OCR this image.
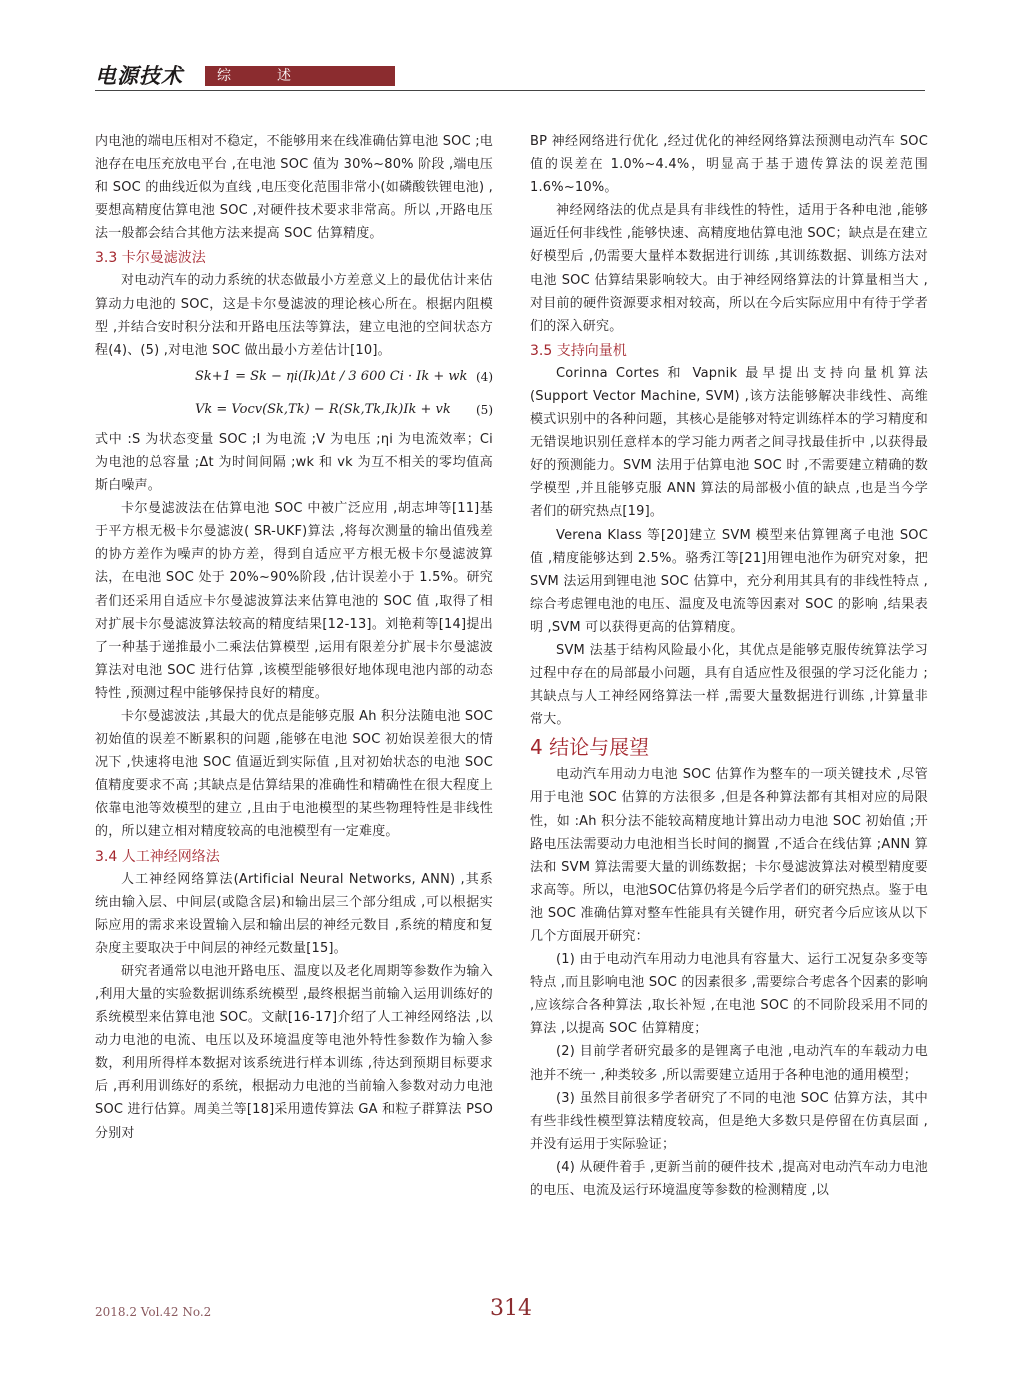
电源技术	综	述

内电池的端电压相对不稳定，不能够用来在线准确估算电池 SOC ;电池存在电压充放电平台 ,在电池 SOC 值为 30%~80% 阶段 ,端电压和 SOC 的曲线近似为直线 ,电压变化范围非常小(如磷酸铁锂电池) ,要想高精度估算电池 SOC ,对硬件技术要求非常高。所以 ,开路电压法一般都会结合其他方法来提高 SOC 估算精度。

3.3 卡尔曼滤波法

对电动汽车的动力系统的状态做最小方差意义上的最优估计来估算动力电池的 SOC，这是卡尔曼滤波的理论核心所在。根据内阻模型 ,并结合安时积分法和开路电压法等算法，建立电池的空间状态方程(4)、(5) ,对电池 SOC 做出最小方差估计[10]。

Sk+1 = Sk − ηi(Ik)Δt / 3 600 Ci · Ik + wk (4)
Vk = Vocv(Sk,Tk) − R(Sk,Tk,Ik)Ik + vk (5)

式中 :S 为状态变量 SOC ;I 为电流 ;V 为电压 ;ηi 为电流效率；Ci 为电池的总容量 ;Δt 为时间间隔 ;wk 和 vk 为互不相关的零均值高斯白噪声。

卡尔曼滤波法在估算电池 SOC 中被广泛应用 ,胡志坤等[11]基于平方根无极卡尔曼滤波( SR-UKF)算法 ,将每次测量的输出值残差的协方差作为噪声的协方差，得到自适应平方根无极卡尔曼滤波算法，在电池 SOC 处于 20%~90%阶段 ,估计误差小于 1.5%。研究者们还采用自适应卡尔曼滤波算法来估算电池的 SOC 值 ,取得了相对扩展卡尔曼滤波算法较高的精度结果[12-13]。刘艳莉等[14]提出了一种基于递推最小二乘法估算模型 ,运用有限差分扩展卡尔曼滤波算法对电池 SOC 进行估算 ,该模型能够很好地体现电池内部的动态特性 ,预测过程中能够保持良好的精度。

卡尔曼滤波法 ,其最大的优点是能够克服 Ah 积分法随电池 SOC 初始值的误差不断累积的问题 ,能够在电池 SOC 初始误差很大的情况下 ,快速将电池 SOC 值逼近到实际值 ,且对初始状态的电池 SOC 值精度要求不高 ;其缺点是估算结果的准确性和精确性在很大程度上依靠电池等效模型的建立 ,且由于电池模型的某些物理特性是非线性的，所以建立相对精度较高的电池模型有一定难度。

3.4 人工神经网络法

人工神经网络算法(Artificial Neural Networks, ANN) ,其系统由输入层、中间层(或隐含层)和输出层三个部分组成 ,可以根据实际应用的需求来设置输入层和输出层的神经元数目 ,系统的精度和复杂度主要取决于中间层的神经元数量[15]。

研究者通常以电池开路电压、温度以及老化周期等参数作为输入 ,利用大量的实验数据训练系统模型 ,最终根据当前输入运用训练好的系统模型来估算电池 SOC。文献[16-17]介绍了人工神经网络法 ,以动力电池的电流、电压以及环境温度等电池外特性参数作为输入参数，利用所得样本数据对该系统进行样本训练 ,待达到预期目标要求后 ,再利用训练好的系统，根据动力电池的当前输入参数对动力电池 SOC 进行估算。周美兰等[18]采用遗传算法 GA 和粒子群算法 PSO 分别对

BP 神经网络进行优化 ,经过优化的神经网络算法预测电动汽车 SOC 值的误差在 1.0%~4.4%，明显高于基于遗传算法的误差范围 1.6%~10%。

神经网络法的优点是具有非线性的特性，适用于各种电池 ,能够逼近任何非线性 ,能够快速、高精度地估算电池 SOC；缺点是在建立好模型后 ,仍需要大量样本数据进行训练 ,其训练数据、训练方法对电池 SOC 估算结果影响较大。由于神经网络算法的计算量相当大 ,对目前的硬件资源要求相对较高，所以在今后实际应用中有待于学者们的深入研究。

3.5 支持向量机

Corinna Cortes 和 Vapnik 最早提出支持向量机算法(Support Vector Machine, SVM) ,该方法能够解决非线性、高维模式识别中的各种问题，其核心是能够对特定训练样本的学习精度和无错误地识别任意样本的学习能力两者之间寻找最佳折中 ,以获得最好的预测能力。SVM 法用于估算电池 SOC 时 ,不需要建立精确的数学模型 ,并且能够克服 ANN 算法的局部极小值的缺点 ,也是当今学者们的研究热点[19]。

Verena Klass 等[20]建立 SVM 模型来估算锂离子电池 SOC 值 ,精度能够达到 2.5%。骆秀江等[21]用锂电池作为研究对象，把 SVM 法运用到锂电池 SOC 估算中，充分利用其具有的非线性特点 ,综合考虑锂电池的电压、温度及电流等因素对 SOC 的影响 ,结果表明 ,SVM 可以获得更高的估算精度。

SVM 法基于结构风险最小化，其优点是能够克服传统算法学习过程中存在的局部最小问题，具有自适应性及很强的学习泛化能力 ;其缺点与人工神经网络算法一样 ,需要大量数据进行训练 ,计算量非常大。

4 结论与展望

电动汽车用动力电池 SOC 估算作为整车的一项关键技术 ,尽管用于电池 SOC 估算的方法很多 ,但是各种算法都有其相对应的局限性，如 :Ah 积分法不能较高精度地计算出动力电池 SOC 初始值 ;开路电压法需要动力电池相当长时间的搁置 ,不适合在线估算 ;ANN 算法和 SVM 算法需要大量的训练数据；卡尔曼滤波算法对模型精度要求高等。所以，电池SOC估算仍将是今后学者们的研究热点。鉴于电池 SOC 准确估算对整车性能具有关键作用，研究者今后应该从以下几个方面展开研究：

(1) 由于电动汽车用动力电池具有容量大、运行工况复杂多变等特点 ,而且影响电池 SOC 的因素很多 ,需要综合考虑各个因素的影响 ,应该综合各种算法 ,取长补短 ,在电池 SOC 的不同阶段采用不同的算法 ,以提高 SOC 估算精度；

(2) 目前学者研究最多的是锂离子电池 ,电动汽车的车载动力电池并不统一 ,种类较多 ,所以需要建立适用于各种电池的通用模型；

(3) 虽然目前很多学者研究了不同的电池 SOC 估算方法，其中有些非线性模型算法精度较高，但是绝大多数只是停留在仿真层面 ,并没有运用于实际验证；

(4) 从硬件着手 ,更新当前的硬件技术 ,提高对电动汽车动力电池的电压、电流及运行环境温度等参数的检测精度 ,以

2018.2 Vol.42 No.2	314
